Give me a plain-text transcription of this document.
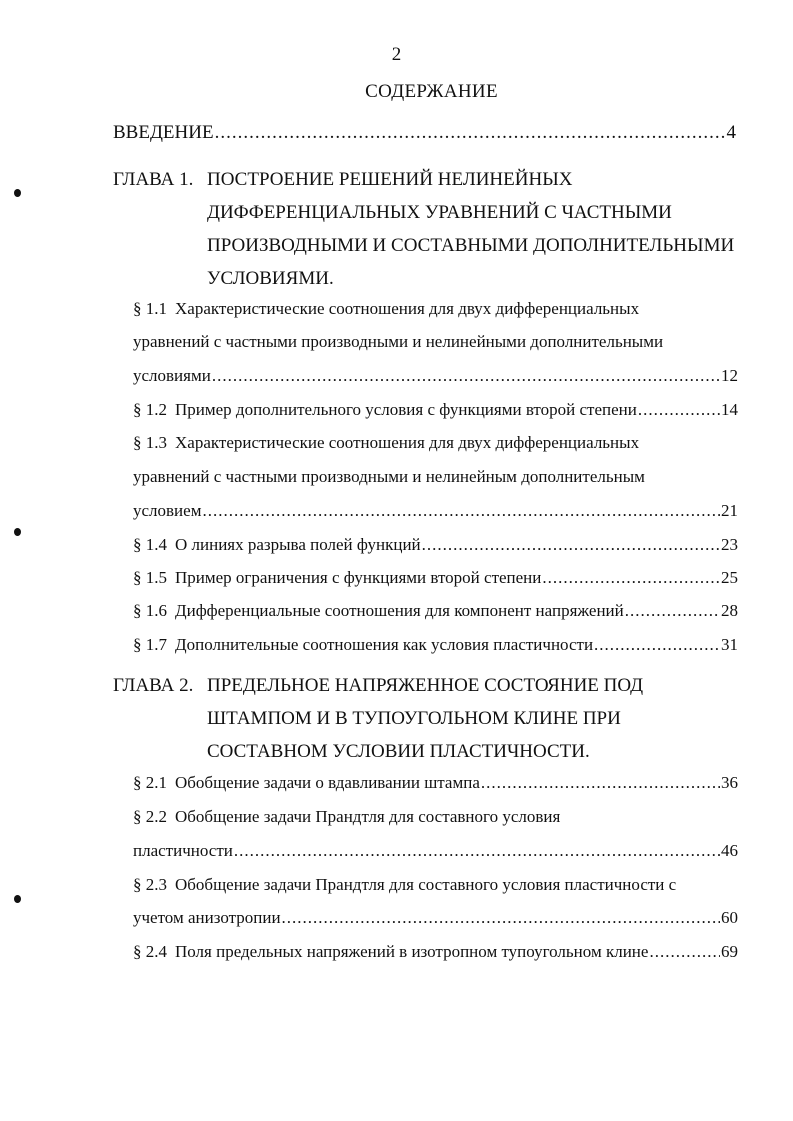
2
СОДЕРЖАНИЕ
ВВЕДЕНИЕ .....	4
ГЛАВА 1. ПОСТРОЕНИЕ РЕШЕНИЙ НЕЛИНЕЙНЫХ
ДИФФЕРЕНЦИАЛЬНЫХ УРАВНЕНИЙ С ЧАСТНЫМИ
ПРОИЗВОДНЫМИ И СОСТАВНЫМИ ДОПОЛНИТЕЛЬНЫМИ
УСЛОВИЯМИ.
§ 1.1 Характеристические соотношения для двух дифференциальных
уравнений с частными производными и нелинейными дополнительными
условиями .....	12
§ 1.2 Пример дополнительного условия с функциями второй степени .....	14
§ 1.3 Характеристические соотношения для двух дифференциальных
уравнений с частными производными и нелинейным дополнительным
условием .....	21
§ 1.4 О линиях разрыва полей функций .....	23
§ 1.5 Пример ограничения с функциями второй степени .....	25
§ 1.6 Дифференциальные соотношения для компонент напряжений .....	28
§ 1.7 Дополнительные соотношения как условия пластичности .....	31
ГЛАВА 2. ПРЕДЕЛЬНОЕ НАПРЯЖЕННОЕ СОСТОЯНИЕ ПОД
ШТАМПОМ И В ТУПОУГОЛЬНОМ КЛИНЕ ПРИ
СОСТАВНОМ УСЛОВИИ ПЛАСТИЧНОСТИ.
§ 2.1 Обобщение задачи о вдавливании штампа .....	36
§ 2.2 Обобщение задачи Прандтля для составного условия
пластичности .....	46
§ 2.3 Обобщение задачи Прандтля для составного условия пластичности с
учетом анизотропии .....	60
§ 2.4 Поля предельных напряжений в изотропном тупоугольном клине .....	69
